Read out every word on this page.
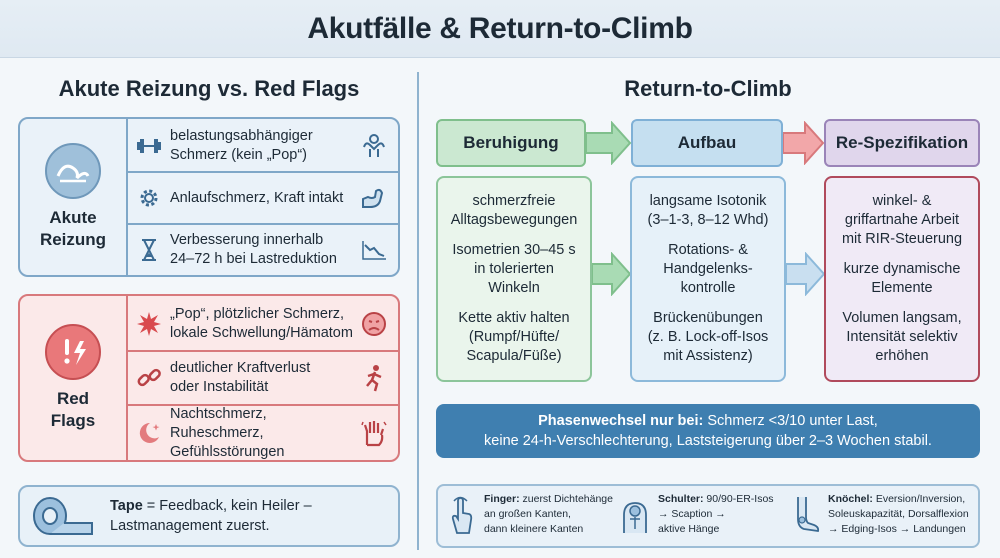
Akutfälle & Return-to-Climb
Akute Reizung vs. Red Flags
Akute
Reizung
belastungsabhängiger
Schmerz (kein „Pop“)
Anlaufschmerz, Kraft intakt
Verbesserung innerhalb
24–72 h bei Lastreduktion
Red
Flags
„Pop“, plötzlicher Schmerz,
lokale Schwellung/Hämatom
deutlicher Kraftverlust
oder Instabilität
Nachtschmerz, Ruheschmerz,
Gefühlsstörungen
Tape = Feedback, kein Heiler –
Lastmanagement zuerst.
Return-to-Climb
Beruhigung	Aufbau	Re-Spezifikation
schmerzfreie
Alltagsbewegungen
Isometrien 30–45 s
in tolerierten
Winkeln
Kette aktiv halten
(Rumpf/Hüfte/
Scapula/Füße)
langsame Isotonik
(3–1-3, 8–12 Whd)
Rotations- &
Handgelenks-
kontrolle
Brückenübungen
(z. B. Lock-off-Isos
mit Assistenz)
winkel- &
griffartnahe Arbeit
mit RIR-Steuerung
kurze dynamische
Elemente
Volumen langsam,
Intensität selektiv
erhöhen
Phasenwechsel nur bei: Schmerz <3/10 unter Last,
keine 24-h-Verschlechterung, Laststeigerung über 2–3 Wochen stabil.
Finger: zuerst Dichtehänge
an großen Kanten,
dann kleinere Kanten
Schulter: 90/90-ER-Isos
→ Scaption →
aktive Hänge
Knöchel: Eversion/Inversion,
Soleuskapazität, Dorsalflexion
→ Edging-Isos → Landungen
